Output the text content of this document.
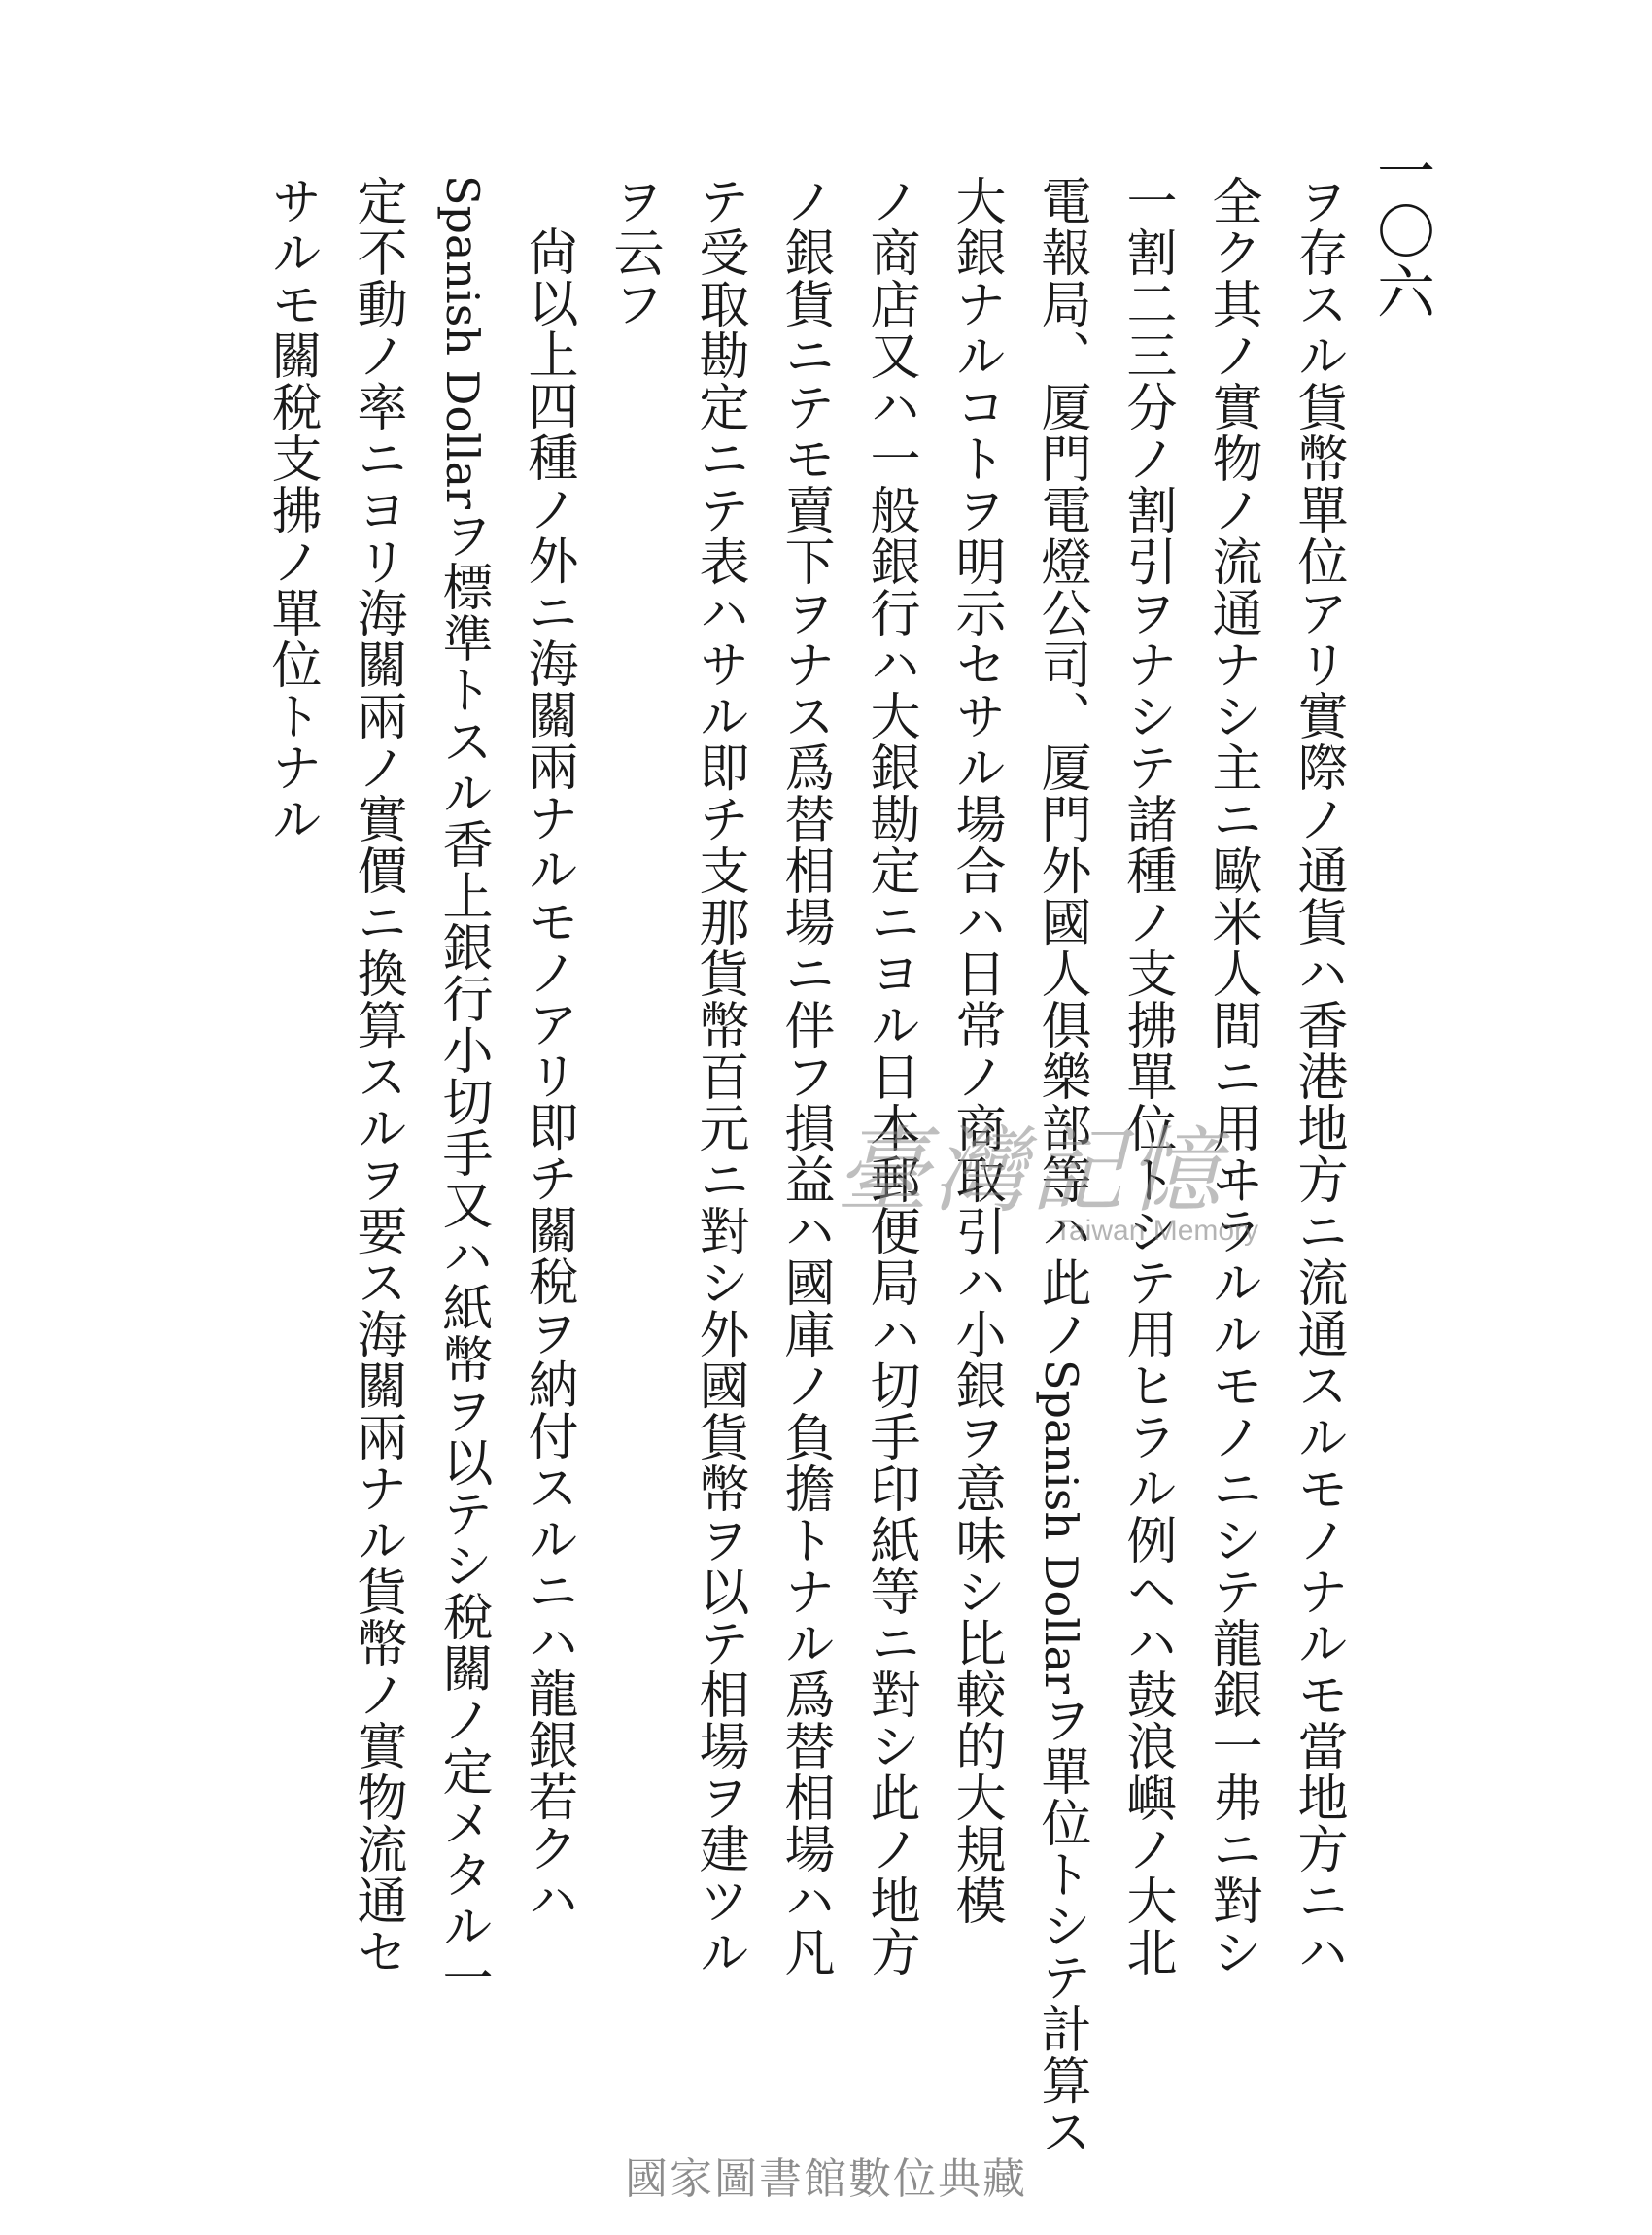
一〇六
ヲ存スル貨幣單位アリ實際ノ通貨ハ香港地方ニ流通スルモノナルモ當地方ニハ
全ク其ノ實物ノ流通ナシ主ニ歐米人間ニ用ヰラルルモノニシテ龍銀一弗ニ對シ
一割二三分ノ割引ヲナシテ諸種ノ支拂單位トシテ用ヒラル例ヘハ鼓浪嶼ノ大北
電報局、厦門電燈公司、厦門外國人俱樂部等ハ此ノSpanish Dollarヲ單位トシテ計算ス
大銀ナルコトヲ明示セサル場合ハ日常ノ商取引ハ小銀ヲ意味シ比較的大規模
ノ商店又ハ一般銀行ハ大銀勘定ニヨル日本郵便局ハ切手印紙等ニ對シ此ノ地方
ノ銀貨ニテモ賣下ヲナス爲替相場ニ伴フ損益ハ國庫ノ負擔トナル爲替相場ハ凡
テ受取勘定ニテ表ハサル即チ支那貨幣百元ニ對シ外國貨幣ヲ以テ相場ヲ建ツル
ヲ云フ
尙以上四種ノ外ニ海關兩ナルモノアリ即チ關稅ヲ納付スルニハ龍銀若クハ
Spanish Dollarヲ標準トスル香上銀行小切手又ハ紙幣ヲ以テシ稅關ノ定メタル一
定不動ノ率ニヨリ海關兩ノ實價ニ換算スルヲ要ス海關兩ナル貨幣ノ實物流通セ
サルモ關稅支拂ノ單位トナル
臺灣記憶
Taiwan Memory
國家圖書館數位典藏
